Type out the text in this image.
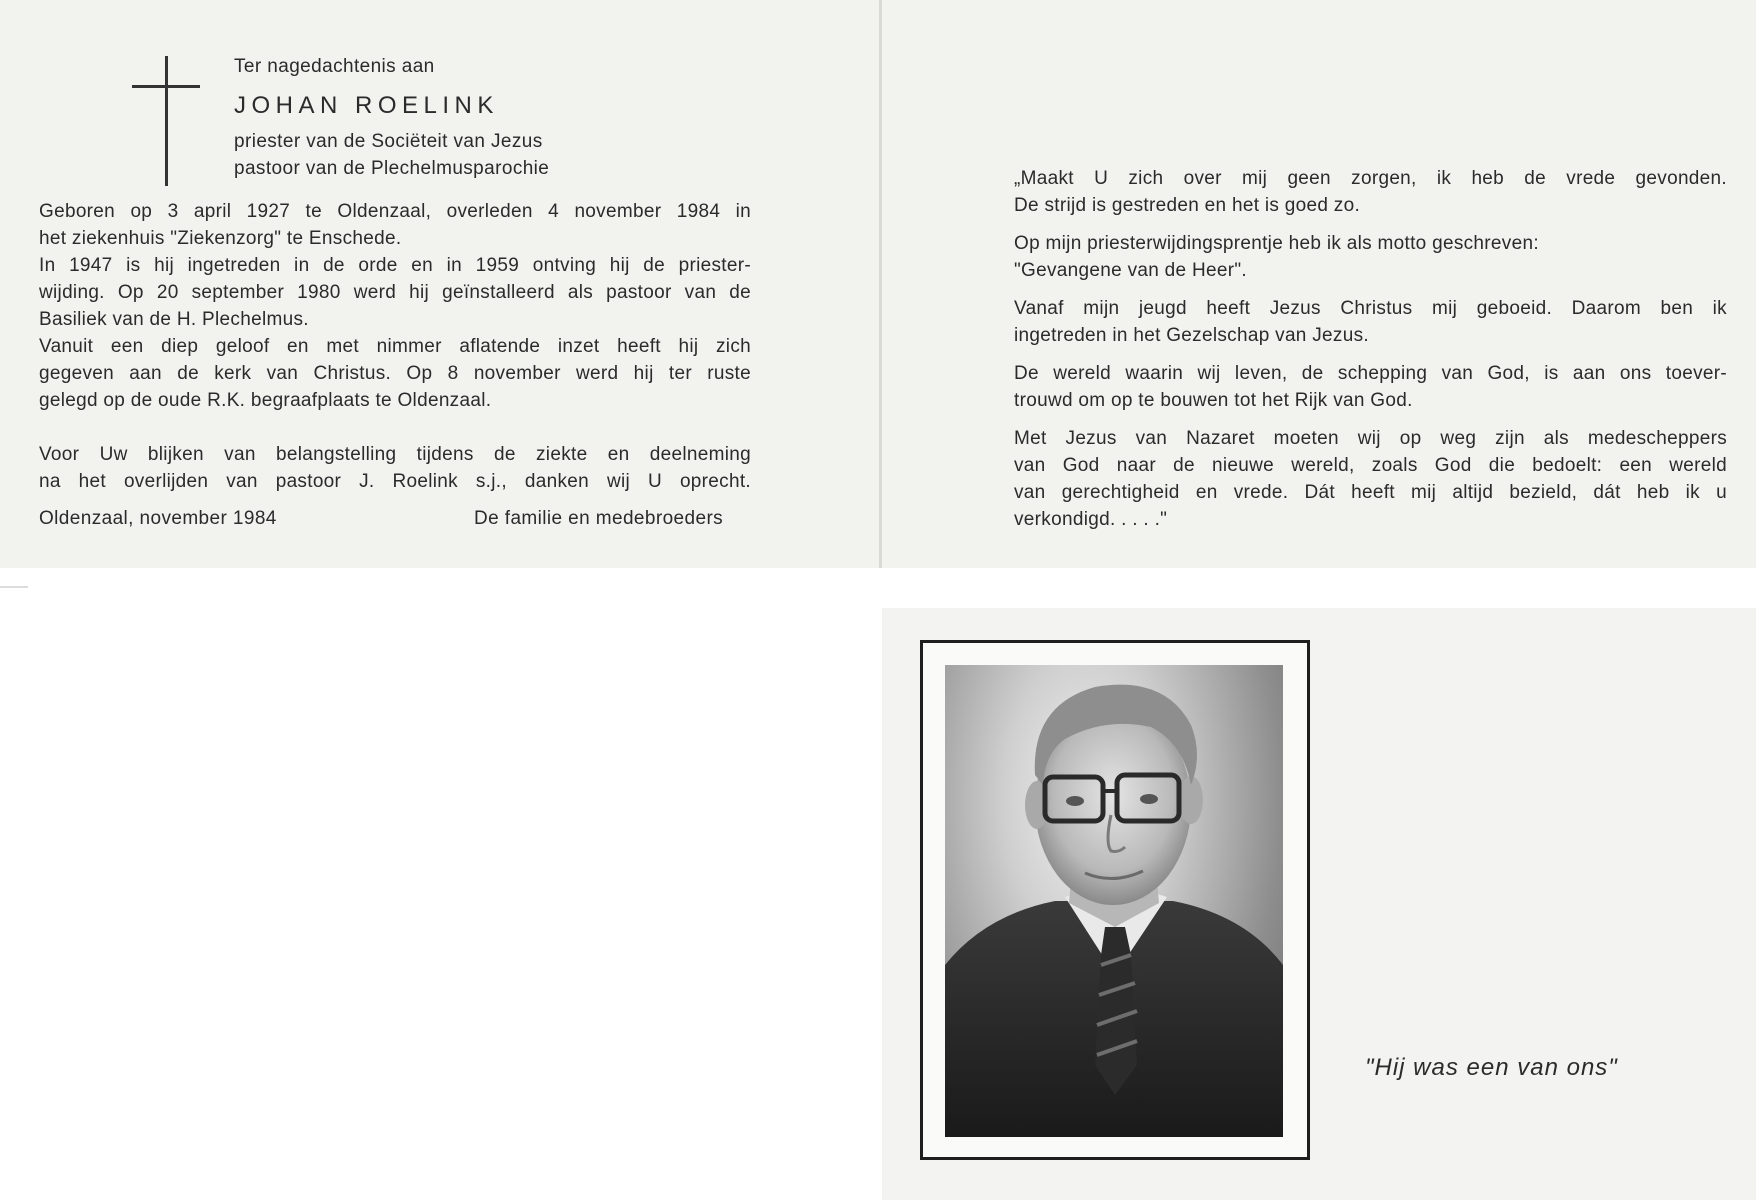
Ter nagedachtenis aan
JOHAN ROELINK
priester van de Sociëteit van Jezus
pastoor van de Plechelmusparochie
Geboren op 3 april 1927 te Oldenzaal, overleden 4 november 1984 in
het ziekenhuis "Ziekenzorg" te Enschede.
In 1947 is hij ingetreden in de orde en in 1959 ontving hij de priester-
wijding. Op 20 september 1980 werd hij geïnstalleerd als pastoor van de
Basiliek van de H. Plechelmus.
Vanuit een diep geloof en met nimmer aflatende inzet heeft hij zich
gegeven aan de kerk van Christus. Op 8 november werd hij ter ruste
gelegd op de oude R.K. begraafplaats te Oldenzaal.
Voor Uw blijken van belangstelling tijdens de ziekte en deelneming
na het overlijden van pastoor J. Roelink s.j., danken wij U oprecht.
Oldenzaal, november 1984	De familie en medebroeders
„Maakt U zich over mij geen zorgen, ik heb de vrede gevonden.
De strijd is gestreden en het is goed zo.
Op mijn priesterwijdingsprentje heb ik als motto geschreven:
"Gevangene van de Heer".
Vanaf mijn jeugd heeft Jezus Christus mij geboeid. Daarom ben ik
ingetreden in het Gezelschap van Jezus.
De wereld waarin wij leven, de schepping van God, is aan ons toever-
trouwd om op te bouwen tot het Rijk van God.
Met Jezus van Nazaret moeten wij op weg zijn als medescheppers
van God naar de nieuwe wereld, zoals God die bedoelt: een wereld
van gerechtigheid en vrede. Dát heeft mij altijd bezield, dát heb ik u
verkondigd. . . . ."
"Hij was een van ons"
